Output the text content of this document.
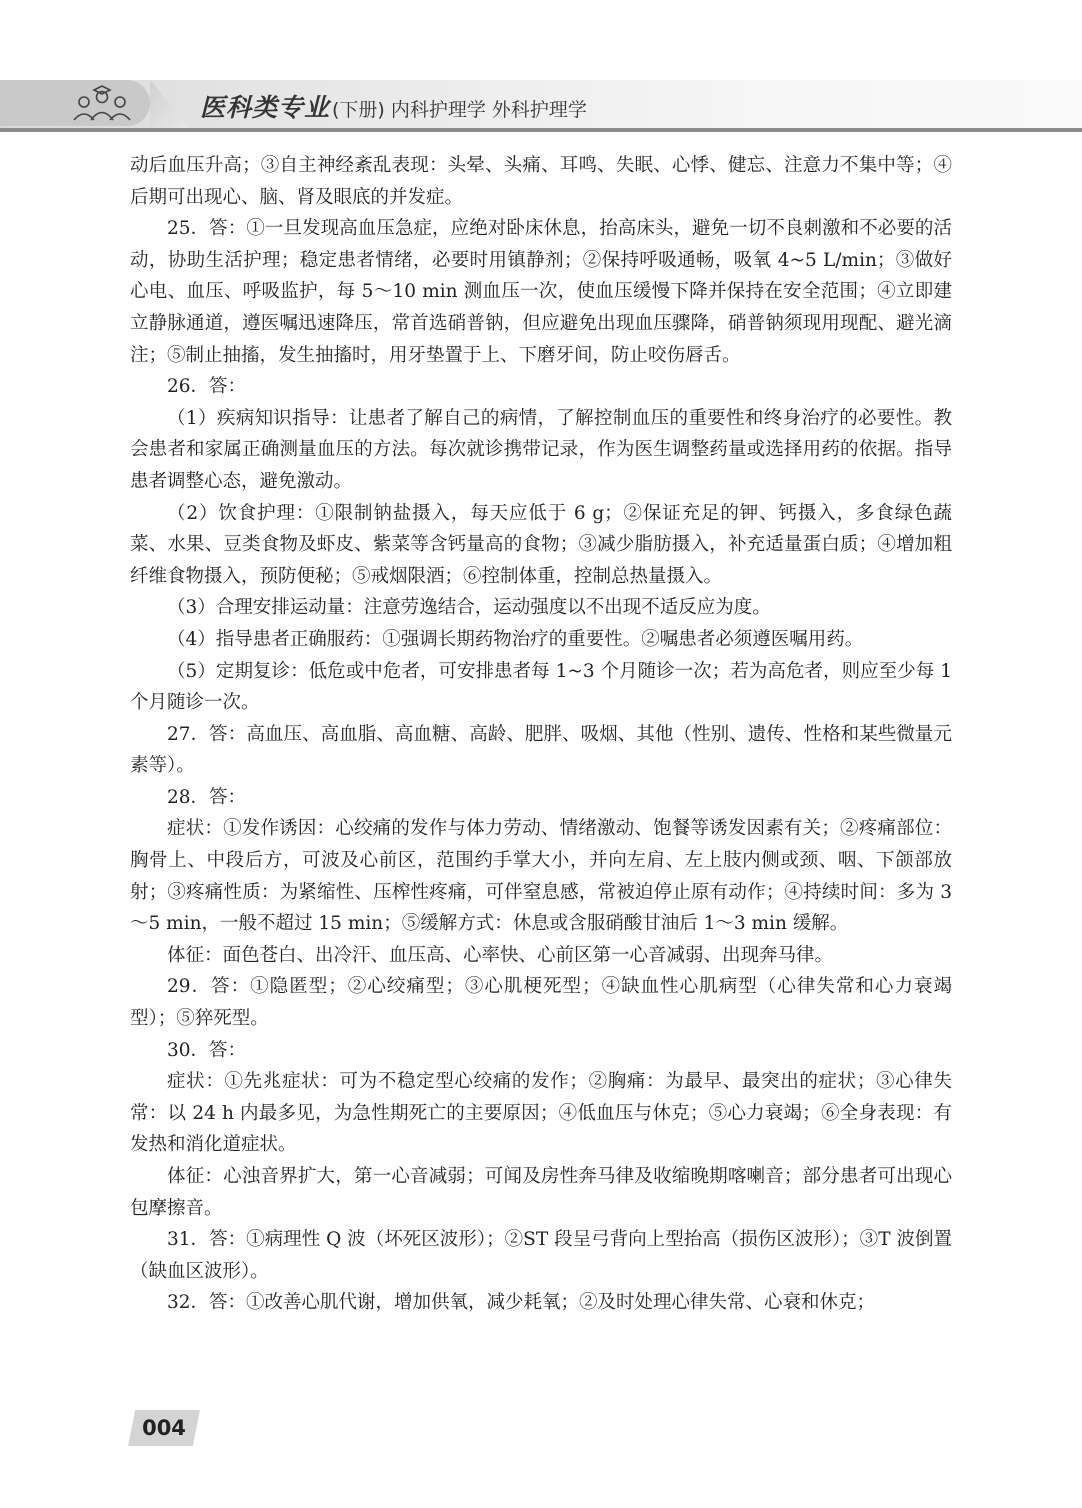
医科类专业 (下册) 内科护理学 外科护理学

动后血压升高；③自主神经紊乱表现：头晕、头痛、耳鸣、失眠、心悸、健忘、注意力不集中等；④后期可出现心、脑、肾及眼底的并发症。

25．答：①一旦发现高血压急症，应绝对卧床休息，抬高床头，避免一切不良刺激和不必要的活动，协助生活护理；稳定患者情绪，必要时用镇静剂；②保持呼吸通畅，吸氧 4~5 L/min；③做好心电、血压、呼吸监护，每 5～10 min 测血压一次，使血压缓慢下降并保持在安全范围；④立即建立静脉通道，遵医嘱迅速降压，常首选硝普钠，但应避免出现血压骤降，硝普钠须现用现配、避光滴注；⑤制止抽搐，发生抽搐时，用牙垫置于上、下磨牙间，防止咬伤唇舌。

26．答：

（1）疾病知识指导：让患者了解自己的病情，了解控制血压的重要性和终身治疗的必要性。教会患者和家属正确测量血压的方法。每次就诊携带记录，作为医生调整药量或选择用药的依据。指导患者调整心态，避免激动。

（2）饮食护理：①限制钠盐摄入，每天应低于 6 g；②保证充足的钾、钙摄入，多食绿色蔬菜、水果、豆类食物及虾皮、紫菜等含钙量高的食物；③减少脂肪摄入，补充适量蛋白质；④增加粗纤维食物摄入，预防便秘；⑤戒烟限酒；⑥控制体重，控制总热量摄入。

（3）合理安排运动量：注意劳逸结合，运动强度以不出现不适反应为度。

（4）指导患者正确服药：①强调长期药物治疗的重要性。②嘱患者必须遵医嘱用药。

（5）定期复诊：低危或中危者，可安排患者每 1~3 个月随诊一次；若为高危者，则应至少每 1 个月随诊一次。

27．答：高血压、高血脂、高血糖、高龄、肥胖、吸烟、其他（性别、遗传、性格和某些微量元素等）。

28．答：

症状：①发作诱因：心绞痛的发作与体力劳动、情绪激动、饱餐等诱发因素有关；②疼痛部位：胸骨上、中段后方，可波及心前区，范围约手掌大小，并向左肩、左上肢内侧或颈、咽、下颌部放射；③疼痛性质：为紧缩性、压榨性疼痛，可伴窒息感，常被迫停止原有动作；④持续时间：多为 3～5 min，一般不超过 15 min；⑤缓解方式：休息或含服硝酸甘油后 1～3 min 缓解。

体征：面色苍白、出冷汗、血压高、心率快、心前区第一心音减弱、出现奔马律。

29．答：①隐匿型；②心绞痛型；③心肌梗死型；④缺血性心肌病型（心律失常和心力衰竭型）；⑤猝死型。

30．答：

症状：①先兆症状：可为不稳定型心绞痛的发作；②胸痛：为最早、最突出的症状；③心律失常：以 24 h 内最多见，为急性期死亡的主要原因；④低血压与休克；⑤心力衰竭；⑥全身表现：有发热和消化道症状。

体征：心浊音界扩大，第一心音减弱；可闻及房性奔马律及收缩晚期喀喇音；部分患者可出现心包摩擦音。

31．答：①病理性 Q 波（坏死区波形）；②ST 段呈弓背向上型抬高（损伤区波形）；③T 波倒置（缺血区波形）。

32．答：①改善心肌代谢，增加供氧，减少耗氧；②及时处理心律失常、心衰和休克；

004
